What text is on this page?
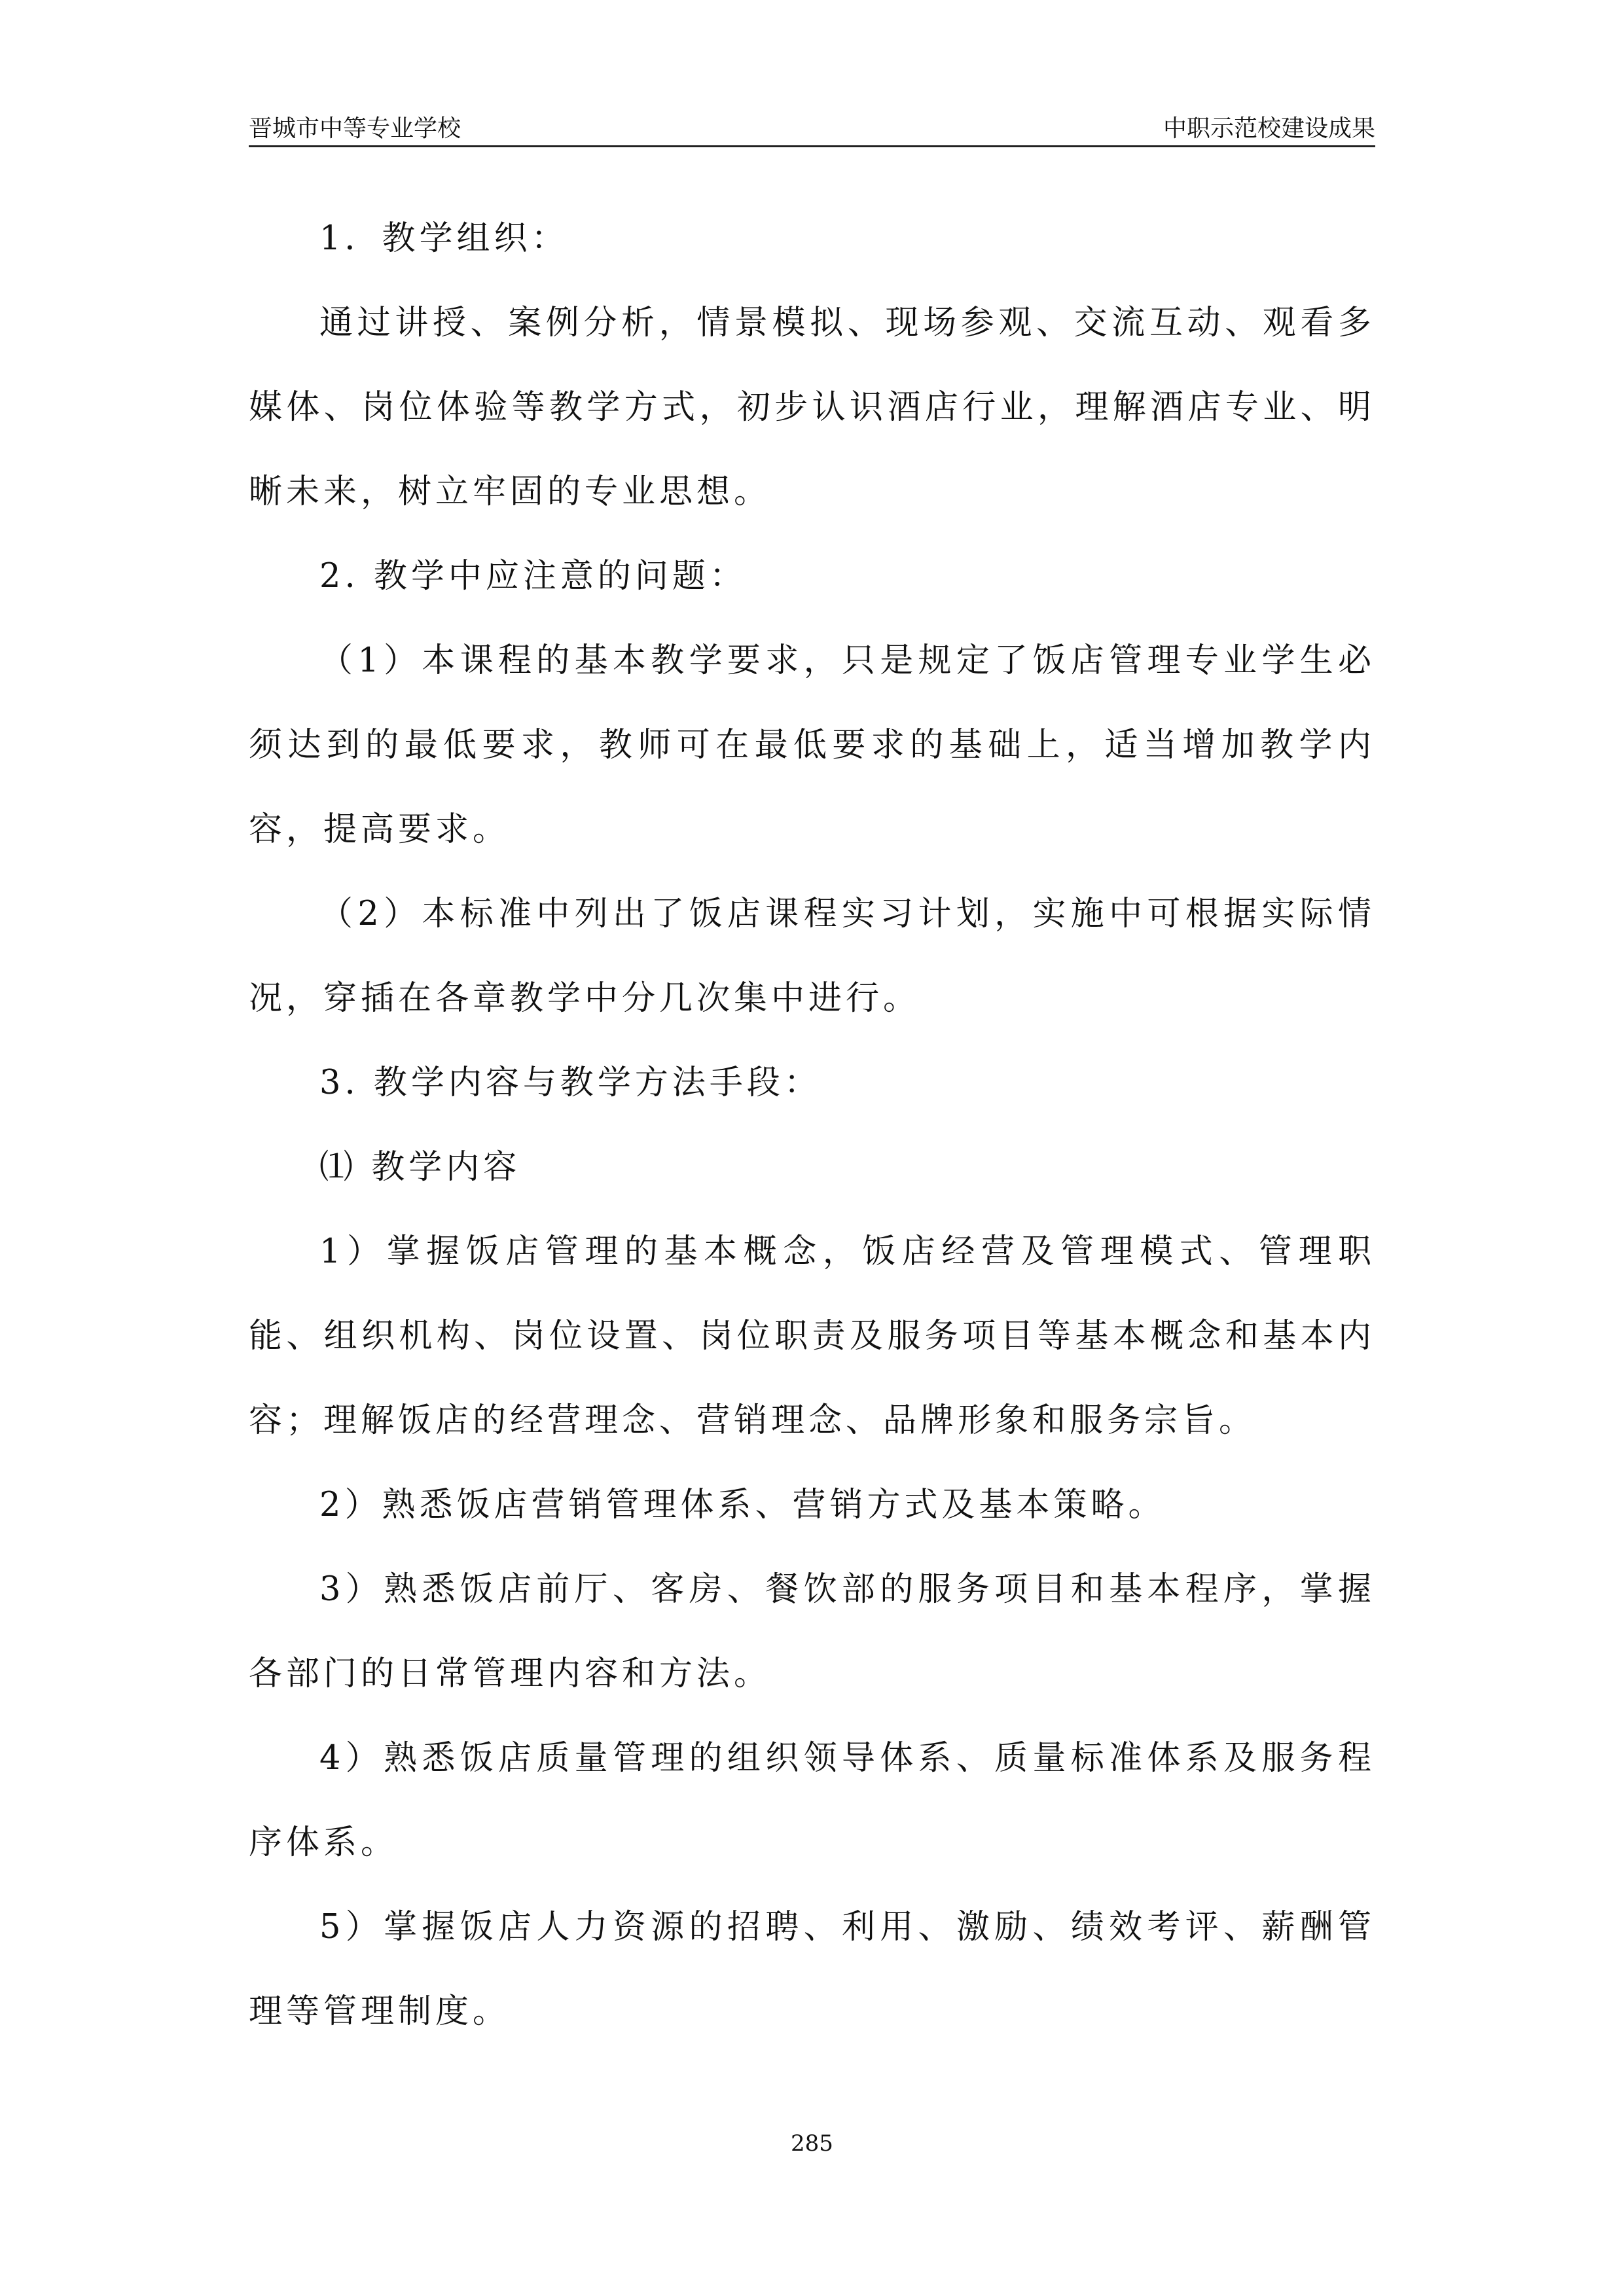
晋城市中等专业学校	中职示范校建设成果

1．教学组织：

通过讲授、案例分析，情景模拟、现场参观、交流互动、观看多媒体、岗位体验等教学方式，初步认识酒店行业，理解酒店专业、明晰未来，树立牢固的专业思想。

2. 教学中应注意的问题：

（1）本课程的基本教学要求，只是规定了饭店管理专业学生必须达到的最低要求，教师可在最低要求的基础上，适当增加教学内容，提高要求。

（2）本标准中列出了饭店课程实习计划，实施中可根据实际情况，穿插在各章教学中分几次集中进行。

3. 教学内容与教学方法手段：

⑴ 教学内容

1）掌握饭店管理的基本概念，饭店经营及管理模式、管理职能、组织机构、岗位设置、岗位职责及服务项目等基本概念和基本内容；理解饭店的经营理念、营销理念、品牌形象和服务宗旨。

2）熟悉饭店营销管理体系、营销方式及基本策略。

3）熟悉饭店前厅、客房、餐饮部的服务项目和基本程序，掌握各部门的日常管理内容和方法。

4）熟悉饭店质量管理的组织领导体系、质量标准体系及服务程序体系。

5）掌握饭店人力资源的招聘、利用、激励、绩效考评、薪酬管理等管理制度。

285
